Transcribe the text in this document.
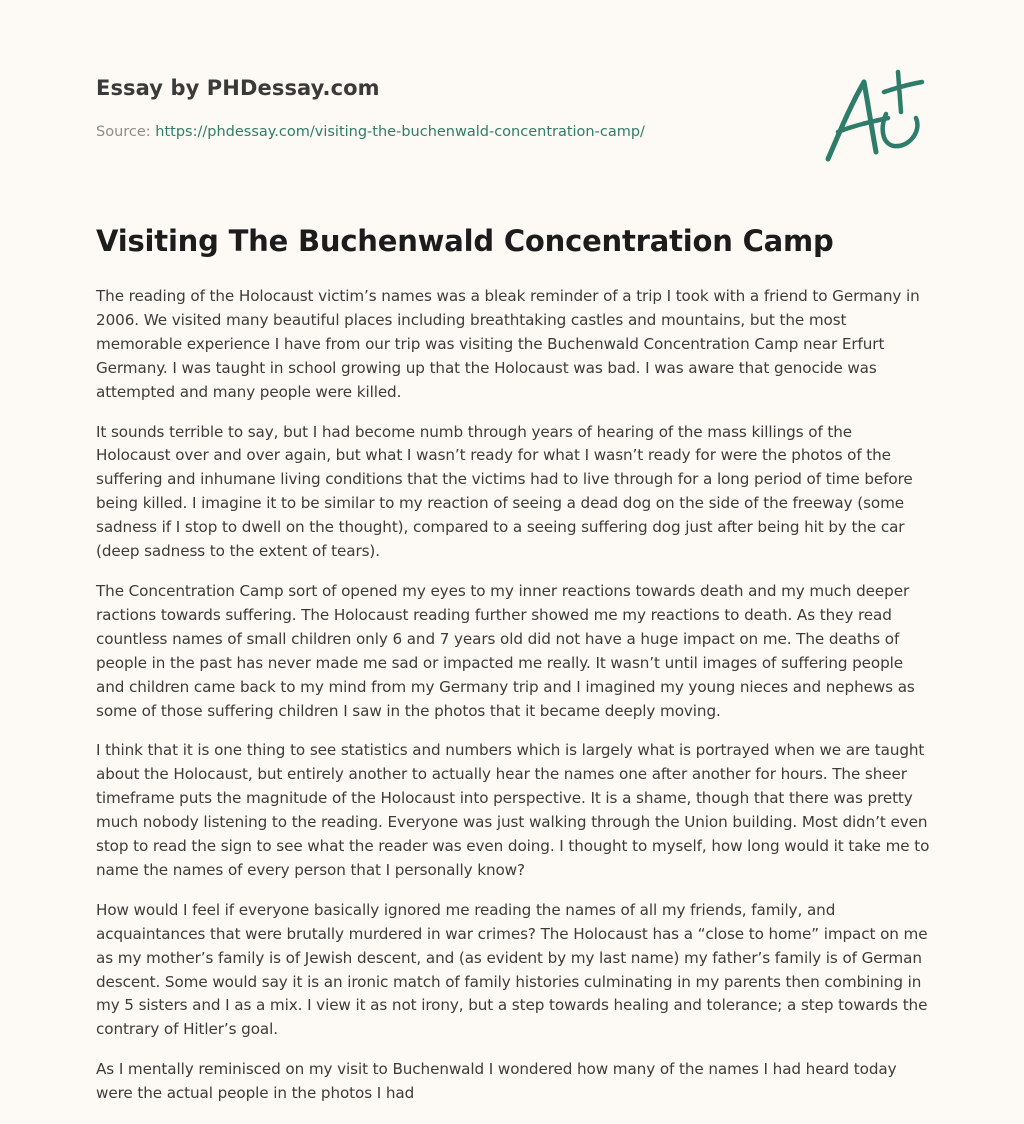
Essay by PHDessay.com
Source: https://phdessay.com/visiting-the-buchenwald-concentration-camp/
Visiting The Buchenwald Concentration Camp

The reading of the Holocaust victim’s names was a bleak reminder of a trip I took with a friend to Germany in 2006. We visited many beautiful places including breathtaking castles and mountains, but the most memorable experience I have from our trip was visiting the Buchenwald Concentration Camp near Erfurt Germany. I was taught in school growing up that the Holocaust was bad. I was aware that genocide was attempted and many people were killed.

It sounds terrible to say, but I had become numb through years of hearing of the mass killings of the Holocaust over and over again, but what I wasn’t ready for what I wasn’t ready for were the photos of the suffering and inhumane living conditions that the victims had to live through for a long period of time before being killed. I imagine it to be similar to my reaction of seeing a dead dog on the side of the freeway (some sadness if I stop to dwell on the thought), compared to a seeing suffering dog just after being hit by the car (deep sadness to the extent of tears).

The Concentration Camp sort of opened my eyes to my inner reactions towards death and my much deeper ractions towards suffering. The Holocaust reading further showed me my reactions to death. As they read countless names of small children only 6 and 7 years old did not have a huge impact on me. The deaths of people in the past has never made me sad or impacted me really. It wasn’t until images of suffering people and children came back to my mind from my Germany trip and I imagined my young nieces and nephews as some of those suffering children I saw in the photos that it became deeply moving.

I think that it is one thing to see statistics and numbers which is largely what is portrayed when we are taught about the Holocaust, but entirely another to actually hear the names one after another for hours. The sheer timeframe puts the magnitude of the Holocaust into perspective. It is a shame, though that there was pretty much nobody listening to the reading. Everyone was just walking through the Union building. Most didn’t even stop to read the sign to see what the reader was even doing. I thought to myself, how long would it take me to name the names of every person that I personally know?

How would I feel if everyone basically ignored me reading the names of all my friends, family, and acquaintances that were brutally murdered in war crimes? The Holocaust has a “close to home” impact on me as my mother’s family is of Jewish descent, and (as evident by my last name) my father’s family is of German descent. Some would say it is an ironic match of family histories culminating in my parents then combining in my 5 sisters and I as a mix. I view it as not irony, but a step towards healing and tolerance; a step towards the contrary of Hitler’s goal.

As I mentally reminisced on my visit to Buchenwald I wondered how many of the names I had heard today were the actual people in the photos I had
